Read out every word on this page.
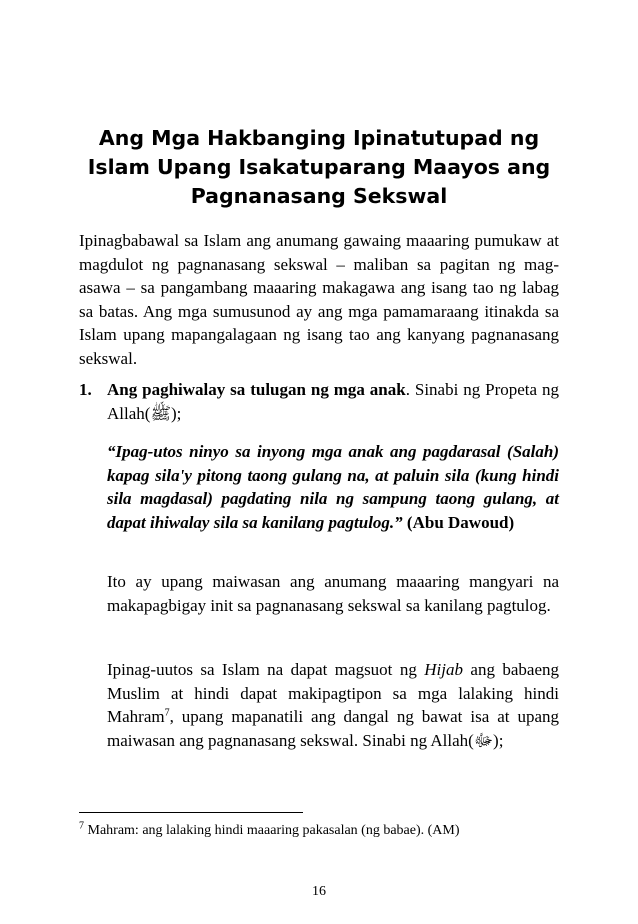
Ang Mga Hakbanging Ipinatutupad ng Islam Upang Isakatuparang Maayos ang Pagnanasang Sekswal

Ipinagbabawal sa Islam ang anumang gawaing maaaring pumukaw at magdulot ng pagnanasang sekswal – maliban sa pagitan ng mag-asawa – sa pangambang maaaring makagawa ang isang tao ng labag sa batas. Ang mga sumusunod ay ang mga pamamaraang itinakda sa Islam upang mapangalagaan ng isang tao ang kanyang pagnanasang sekswal.

1. Ang paghiwalay sa tulugan ng mga anak. Sinabi ng Propeta ng Allah(ﷺ);

“Ipag-utos ninyo sa inyong mga anak ang pagdarasal (Salah) kapag sila'y pitong taong gulang na, at paluin sila (kung hindi sila magdasal) pagdating nila ng sampung taong gulang, at dapat ihiwalay sila sa kanilang pagtulog.” (Abu Dawoud)

Ito ay upang maiwasan ang anumang maaaring mangyari na makapagbigay init sa pagnanasang sekswal sa kanilang pagtulog.

Ipinag-uutos sa Islam na dapat magsuot ng Hijab ang babaeng Muslim at hindi dapat makipagtipon sa mga lalaking hindi Mahram$^7$, upang mapanatili ang dangal ng bawat isa at upang maiwasan ang pagnanasang sekswal. Sinabi ng Allah(ﷻ);

$^7$ Mahram: ang lalaking hindi maaaring pakasalan (ng babae). (AM)

16
